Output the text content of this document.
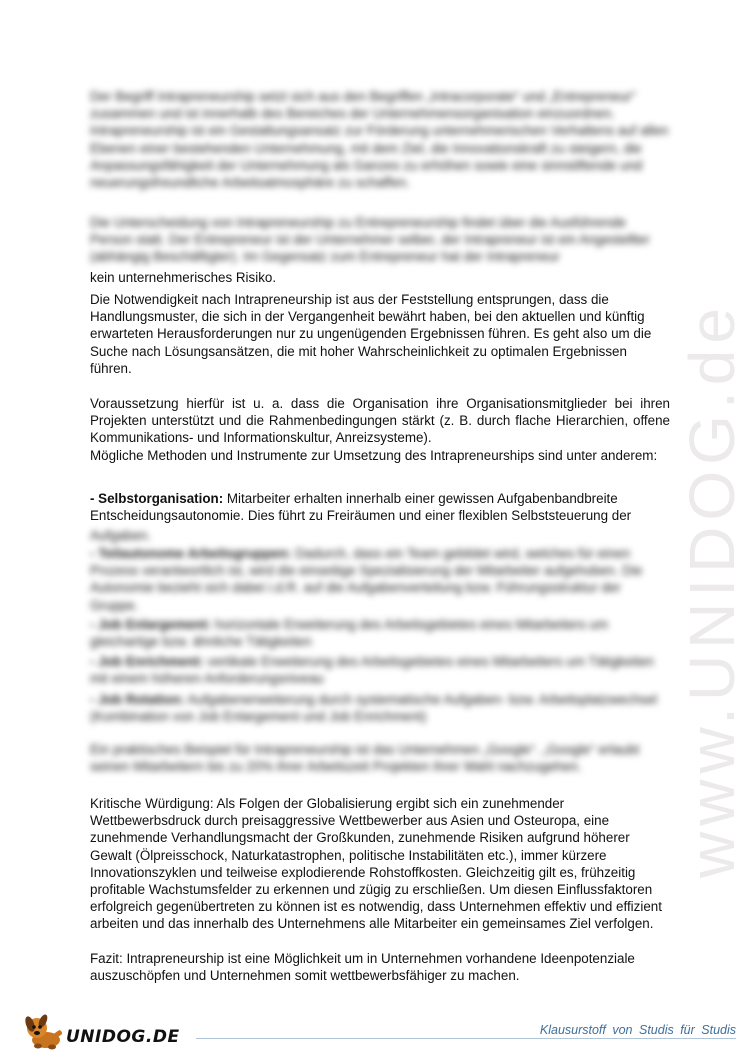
www.UNIDOG.de

Der Begriff Intrapreneurship setzt sich aus den Begriffen „Intracorporate“ und „Entrepreneur“ zusammen und ist innerhalb des Bereiches der Unternehmensorganisation einzuordnen. Intrapreneurship ist ein Gestaltungsansatz zur Förderung unternehmerischen Verhaltens auf allen Ebenen einer bestehenden Unternehmung, mit dem Ziel, die Innovationskraft zu steigern, die Anpassungsfähigkeit der Unternehmung als Ganzes zu erhöhen sowie eine sinnstiftende und neuerungsfreundliche Arbeitsatmosphäre zu schaffen.

Die Unterscheidung von Intrapreneurship zu Entrepreneurship findet über die Ausführende Person statt. Der Entrepreneur ist der Unternehmer selber, der Intrapreneur ist ein Angestellter (abhängig Beschäftigter). Im Gegensatz zum Entrepreneur hat der Intrapreneur

kein unternehmerisches Risiko.

Die Notwendigkeit nach Intrapreneurship ist aus der Feststellung entsprungen, dass die Handlungsmuster, die sich in der Vergangenheit bewährt haben, bei den aktuellen und künftig erwarteten Herausforderungen nur zu ungenügenden Ergebnissen führen. Es geht also um die Suche nach Lösungsansätzen, die mit hoher Wahrscheinlichkeit zu optimalen Ergebnissen führen.

Voraussetzung hierfür ist u. a. dass die Organisation ihre Organisationsmitglieder bei ihren Projekten unterstützt und die Rahmenbedingungen stärkt (z. B. durch flache Hierarchien, offene Kommunikations- und Informationskultur, Anreizsysteme).

Mögliche Methoden und Instrumente zur Umsetzung des Intrapreneurships sind unter anderem:

- Selbstorganisation: Mitarbeiter erhalten innerhalb einer gewissen Aufgabenbandbreite Entscheidungsautonomie. Dies führt zu Freiräumen und einer flexiblen Selbststeuerung der

Aufgaben.

- Teilautonome Arbeitsgruppen: Dadurch, dass ein Team gebildet wird, welches für einen Prozess verantwortlich ist, wird die einseitige Spezialisierung der Mitarbeiter aufgehoben. Die Autonomie bezieht sich dabei i.d.R. auf die Aufgabenverteilung bzw. Führungsstruktur der Gruppe.

- Job Enlargement: horizontale Erweiterung des Arbeitsgebietes eines Mitarbeiters um gleichartige bzw. ähnliche Tätigkeiten

- Job Enrichment: vertikale Erweiterung des Arbeitsgebietes eines Mitarbeiters um Tätigkeiten mit einem höheren Anforderungsniveau

- Job Rotation: Aufgabenerweiterung durch systematische Aufgaben- bzw. Arbeitsplatzwechsel (Kombination von Job Enlargement und Job Enrichment)

Ein praktisches Beispiel für Intrapreneurship ist das Unternehmen „Google“. „Google“ erlaubt seinen Mitarbeitern bis zu 20% ihrer Arbeitszeit Projekten ihrer Wahl nachzugehen.

Kritische Würdigung: Als Folgen der Globalisierung ergibt sich ein zunehmender Wettbewerbsdruck durch preisaggressive Wettbewerber aus Asien und Osteuropa, eine zunehmende Verhandlungsmacht der Großkunden, zunehmende Risiken aufgrund höherer Gewalt (Ölpreisschock, Naturkatastrophen, politische Instabilitäten etc.), immer kürzere Innovationszyklen und teilweise explodierende Rohstoffkosten. Gleichzeitig gilt es, frühzeitig profitable Wachstumsfelder zu erkennen und zügig zu erschließen. Um diesen Einflussfaktoren erfolgreich gegenübertreten zu können ist es notwendig, dass Unternehmen effektiv und effizient arbeiten und das innerhalb des Unternehmens alle Mitarbeiter ein gemeinsames Ziel verfolgen.

Fazit: Intrapreneurship ist eine Möglichkeit um in Unternehmen vorhandene Ideenpotenziale auszuschöpfen und Unternehmen somit wettbewerbsfähiger zu machen.

UNIDOG.DE	Klausurstoff von Studis für Studis
